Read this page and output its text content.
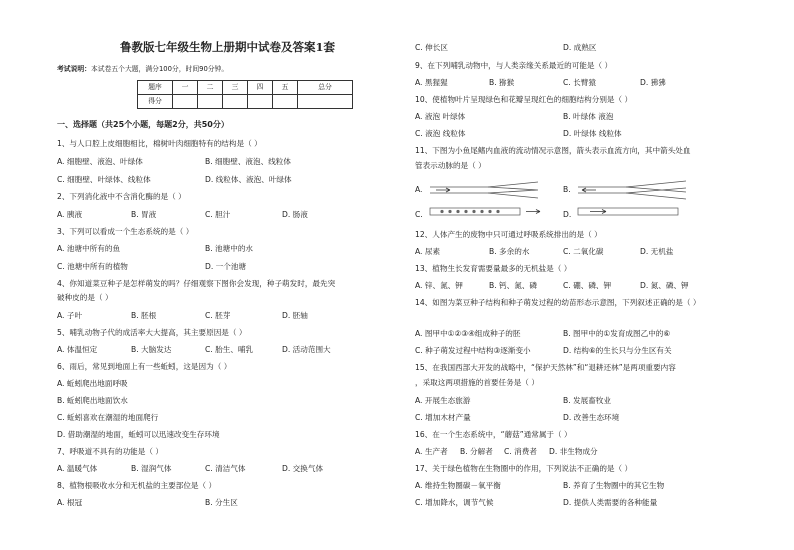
鲁教版七年级生物上册期中试卷及答案1套
考试说明：本试卷五个大题，满分100分，时间90分钟。
题序	一	二	三	四	五	总分
得分						
一、选择题（共25个小题，每题2分，共50分）
1、与人口腔上皮细胞相比，棉树叶肉细胞特有的结构是（ ）
A. 细胞壁、液泡、叶绿体	B. 细胞壁、液泡、线粒体
C. 细胞壁、叶绿体、线粒体	D. 线粒体、液泡、叶绿体
2、下列消化液中不含消化酶的是（ ）
A. 胰液	B. 胃液	C. 胆汁	D. 肠液
3、下列可以看成一个生态系统的是（ ）
A. 池塘中所有的鱼	B. 池塘中的水
C. 池塘中所有的植物	D. 一个池塘
4、你知道菜豆种子是怎样萌发的吗？仔细观察下图你会发现，种子萌发时，最先突
破种皮的是（ ）
A. 子叶	B. 胚根	C. 胚芽	D. 胚轴
5、哺乳动物子代的成活率大大提高，其主要原因是（ ）
A. 体温恒定	B. 大脑发达	C. 胎生、哺乳	D. 活动范围大
6、雨后，常见到地面上有一些蚯蚓，这是因为（ ）
A. 蚯蚓爬出地面呼吸
B. 蚯蚓爬出地面饮水
C. 蚯蚓喜欢在潮湿的地面爬行
D. 借助潮湿的地面，蚯蚓可以迅速改变生存环境
7、呼吸道不具有的功能是（ ）
A. 温暖气体	B. 湿润气体	C. 清洁气体	D. 交换气体
8、植物根吸收水分和无机盐的主要部位是（ ）
A. 根冠	B. 分生区
C. 伸长区	D. 成熟区
9、在下列哺乳动物中，与人类亲缘关系最近的可能是（ ）
A. 黑猩猩	B. 猕猴	C. 长臂猿	D. 狒狒
10、使植物叶片呈现绿色和花瓣呈现红色的细胞结构分别是（ ）
A. 液泡 叶绿体	B. 叶绿体 液泡
C. 液泡 线粒体	D. 叶绿体 线粒体
11、下图为小鱼尾鳍内血液的流动情况示意图，箭头表示血流方向，其中箭头处血
管表示动脉的是（ ）
A.	B.
C.	D.
12、人体产生的废物中只可通过呼吸系统排出的是（ ）
A. 尿素	B. 多余的水	C. 二氧化碳	D. 无机盐
13、植物生长发育需要量最多的无机盐是（ ）
A. 锌、氮、钾	B. 钙、氮、磷	C. 硼、磷、钾	D. 氮、磷、钾
14、如图为菜豆种子结构和种子萌发过程的幼苗形态示意图，下列叙述正确的是（ ）
A. 图甲中①②③④组成种子的胚	B. 图甲中的①发育成图乙中的⑥
C. 种子萌发过程中结构③逐渐变小	D. 结构⑥的生长只与分生区有关
15、在我国西部大开发的战略中，“保护天然林”和“退耕还林”是两项重要内容
，采取这两项措施的首要任务是（ ）
A. 开展生态旅游	B. 发展畜牧业
C. 增加木材产量	D. 改善生态环境
16、在一个生态系统中，“蘑菇”通常属于（ ）
A. 生产者 B. 分解者 C. 消费者 D. 非生物成分
17、关于绿色植物在生物圈中的作用，下列说法不正确的是（ ）
A. 维持生物圈碳－氧平衡	B. 养育了生物圈中的其它生物
C. 增加降水，调节气候	D. 提供人类需要的各种能量
